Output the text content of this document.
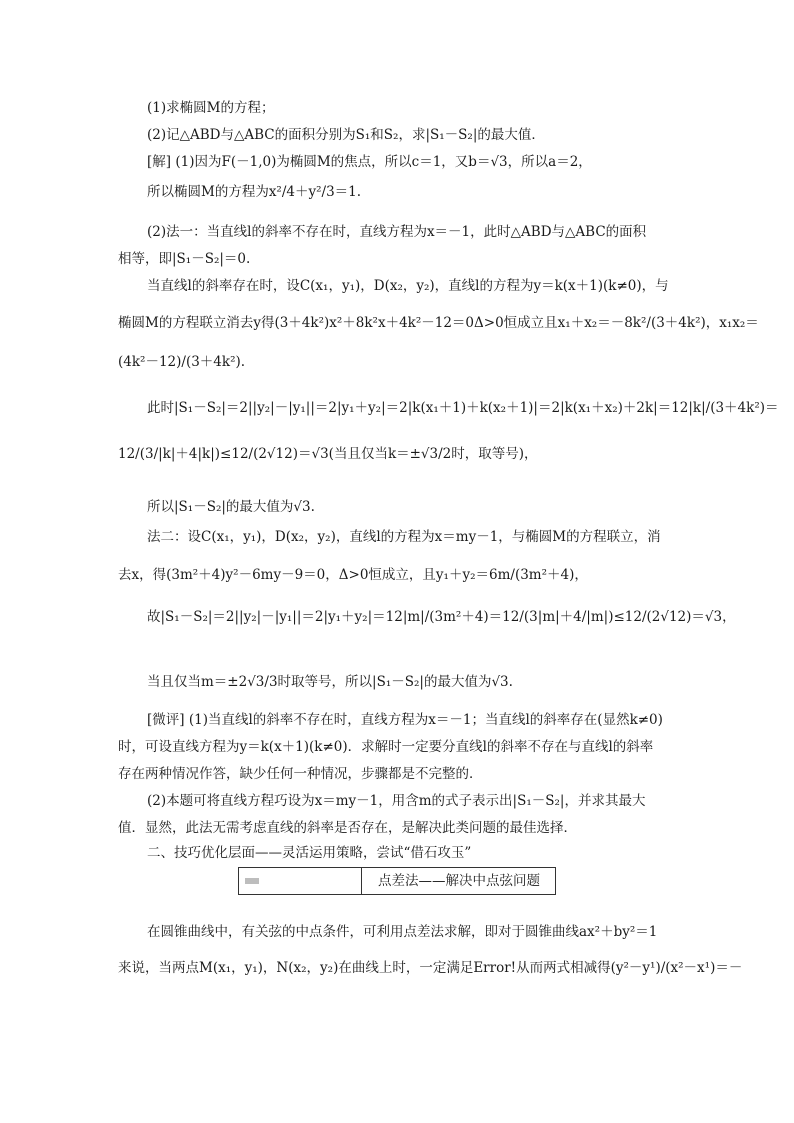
(1)求椭圆M的方程；
(2)记△ABD与△ABC的面积分别为S₁和S₂，求|S₁－S₂|的最大值．
[解] (1)因为F(－1,0)为椭圆M的焦点，所以c＝1，又b＝√3，所以a＝2，
所以椭圆M的方程为x²/4＋y²/3＝1.
(2)法一：当直线l的斜率不存在时，直线方程为x＝－1，此时△ABD与△ABC的面积
相等，即|S₁－S₂|＝0.
当直线l的斜率存在时，设C(x₁，y₁)，D(x₂，y₂)，直线l的方程为y＝k(x＋1)(k≠0)，与
椭圆M的方程联立消去y得(3＋4k²)x²＋8k²x＋4k²－12＝0Δ>0恒成立且x₁＋x₂＝－8k²/(3＋4k²)，x₁x₂＝
(4k²－12)/(3＋4k²).
此时|S₁－S₂|＝2||y₂|－|y₁||＝2|y₁＋y₂|＝2|k(x₁＋1)＋k(x₂＋1)|＝2|k(x₁＋x₂)＋2k|＝12|k|/(3＋4k²)＝
12/(3/|k|＋4|k|)≤12/(2√12)＝√3(当且仅当k＝±√3/2时，取等号)，
所以|S₁－S₂|的最大值为√3.
法二：设C(x₁，y₁)，D(x₂，y₂)，直线l的方程为x＝my－1，与椭圆M的方程联立，消
去x，得(3m²＋4)y²－6my－9＝0，Δ>0恒成立，且y₁＋y₂＝6m/(3m²＋4)，
故|S₁－S₂|＝2||y₂|－|y₁||＝2|y₁＋y₂|＝12|m|/(3m²＋4)＝12/(3|m|＋4/|m|)≤12/(2√12)＝√3，
当且仅当m＝±2√3/3时取等号，所以|S₁－S₂|的最大值为√3.
[微评] (1)当直线l的斜率不存在时，直线方程为x＝－1；当直线l的斜率存在(显然k≠0)
时，可设直线方程为y＝k(x＋1)(k≠0)．求解时一定要分直线l的斜率不存在与直线l的斜率
存在两种情况作答，缺少任何一种情况，步骤都是不完整的．
(2)本题可将直线方程巧设为x＝my－1，用含m的式子表示出|S₁－S₂|，并求其最大
值．显然，此法无需考虑直线的斜率是否存在，是解决此类问题的最佳选择．
二、技巧优化层面——灵活运用策略，尝试“借石攻玉”
点差法——解决中点弦问题
在圆锥曲线中，有关弦的中点条件，可利用点差法求解，即对于圆锥曲线ax²＋by²＝1
来说，当两点M(x₁，y₁)，N(x₂，y₂)在曲线上时，一定满足Error!从而两式相减得(y²－y¹)/(x²－x¹)＝－
